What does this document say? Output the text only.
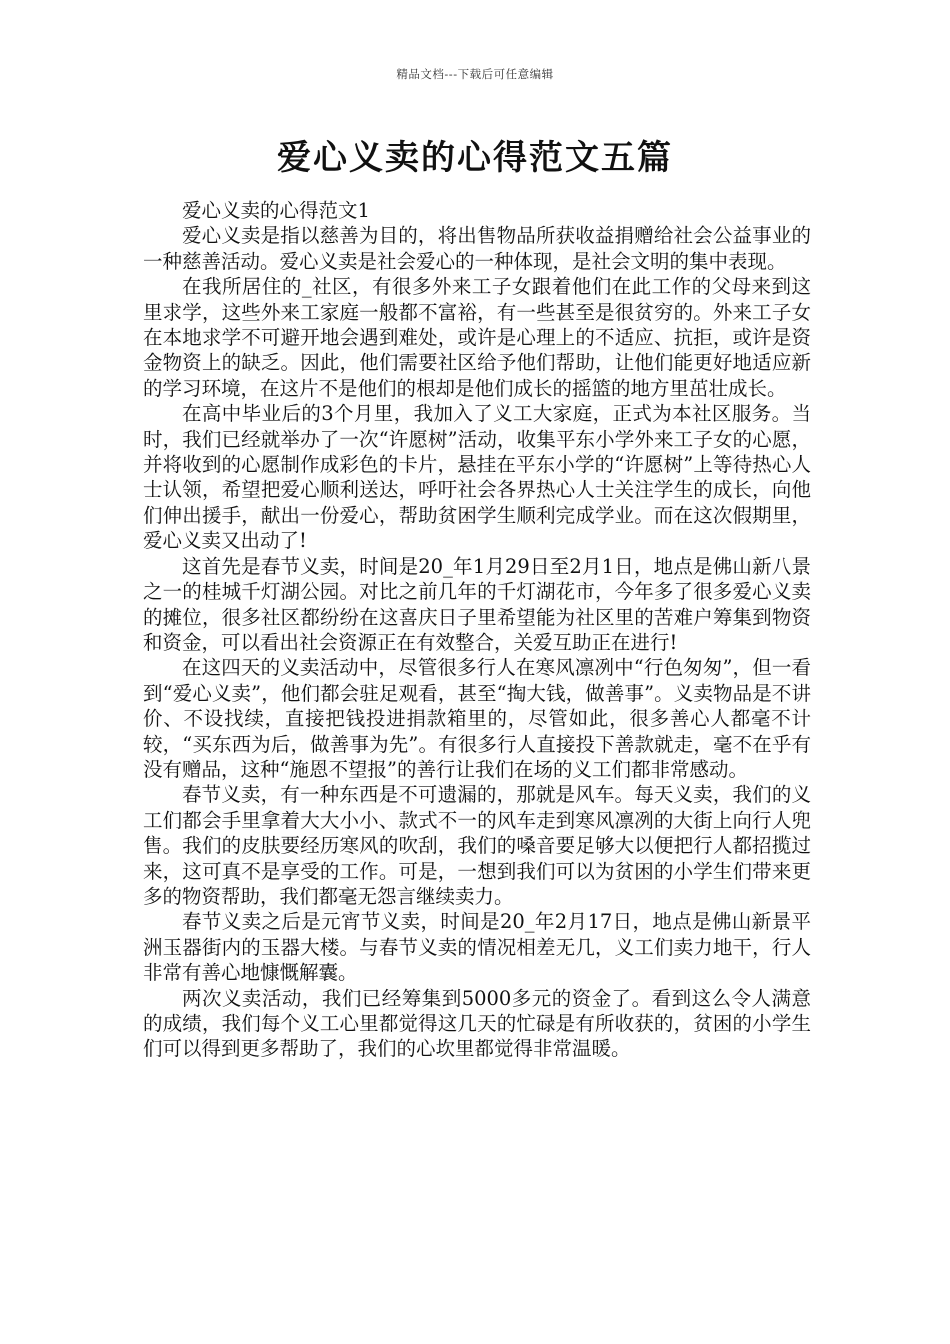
精品文档---下载后可任意编辑
爱心义卖的心得范文五篇

爱心义卖的心得范文1

爱心义卖是指以慈善为目的，将出售物品所获收益捐赠给社会公益事业的一种慈善活动。爱心义卖是社会爱心的一种体现，是社会文明的集中表现。

在我所居住的_社区，有很多外来工子女跟着他们在此工作的父母来到这里求学，这些外来工家庭一般都不富裕，有一些甚至是很贫穷的。外来工子女在本地求学不可避开地会遇到难处，或许是心理上的不适应、抗拒，或许是资金物资上的缺乏。因此，他们需要社区给予他们帮助，让他们能更好地适应新的学习环境，在这片不是他们的根却是他们成长的摇篮的地方里茁壮成长。

在高中毕业后的3个月里，我加入了义工大家庭，正式为本社区服务。当时，我们已经就举办了一次“许愿树”活动，收集平东小学外来工子女的心愿，并将收到的心愿制作成彩色的卡片，悬挂在平东小学的“许愿树”上等待热心人士认领，希望把爱心顺利送达，呼吁社会各界热心人士关注学生的成长，向他们伸出援手，献出一份爱心，帮助贫困学生顺利完成学业。而在这次假期里，爱心义卖又出动了!

这首先是春节义卖，时间是20_年1月29日至2月1日，地点是佛山新八景之一的桂城千灯湖公园。对比之前几年的千灯湖花市，今年多了很多爱心义卖的摊位，很多社区都纷纷在这喜庆日子里希望能为社区里的苦难户筹集到物资和资金，可以看出社会资源正在有效整合，关爱互助正在进行!

在这四天的义卖活动中，尽管很多行人在寒风凛冽中“行色匆匆”，但一看到“爱心义卖”，他们都会驻足观看，甚至“掏大钱，做善事”。义卖物品是不讲价、不设找续，直接把钱投进捐款箱里的，尽管如此，很多善心人都毫不计较，“买东西为后，做善事为先”。有很多行人直接投下善款就走，毫不在乎有没有赠品，这种“施恩不望报”的善行让我们在场的义工们都非常感动。

春节义卖，有一种东西是不可遗漏的，那就是风车。每天义卖，我们的义工们都会手里拿着大大小小、款式不一的风车走到寒风凛冽的大街上向行人兜售。我们的皮肤要经历寒风的吹刮，我们的嗓音要足够大以便把行人都招揽过来，这可真不是享受的工作。可是，一想到我们可以为贫困的小学生们带来更多的物资帮助，我们都毫无怨言继续卖力。

春节义卖之后是元宵节义卖，时间是20_年2月17日，地点是佛山新景平洲玉器街内的玉器大楼。与春节义卖的情况相差无几，义工们卖力地干，行人非常有善心地慷慨解囊。

两次义卖活动，我们已经筹集到5000多元的资金了。看到这么令人满意的成绩，我们每个义工心里都觉得这几天的忙碌是有所收获的，贫困的小学生们可以得到更多帮助了，我们的心坎里都觉得非常温暖。
